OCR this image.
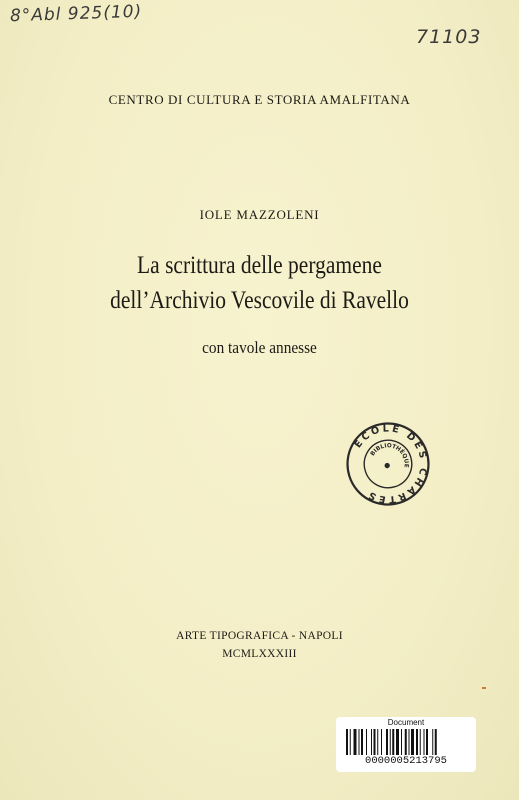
8°Abl 925(10)
71103
CENTRO DI CULTURA E STORIA AMALFITANA
IOLE MAZZOLENI
La scrittura delle pergamene
dell’Archivio Vescovile di Ravello
con tavole annesse
ÉCOLE DES CHARTES
BIBLIOTHÈQUE
ARTE TIPOGRAFICA - NAPOLI
MCMLXXXIII
Document
0000005213795
